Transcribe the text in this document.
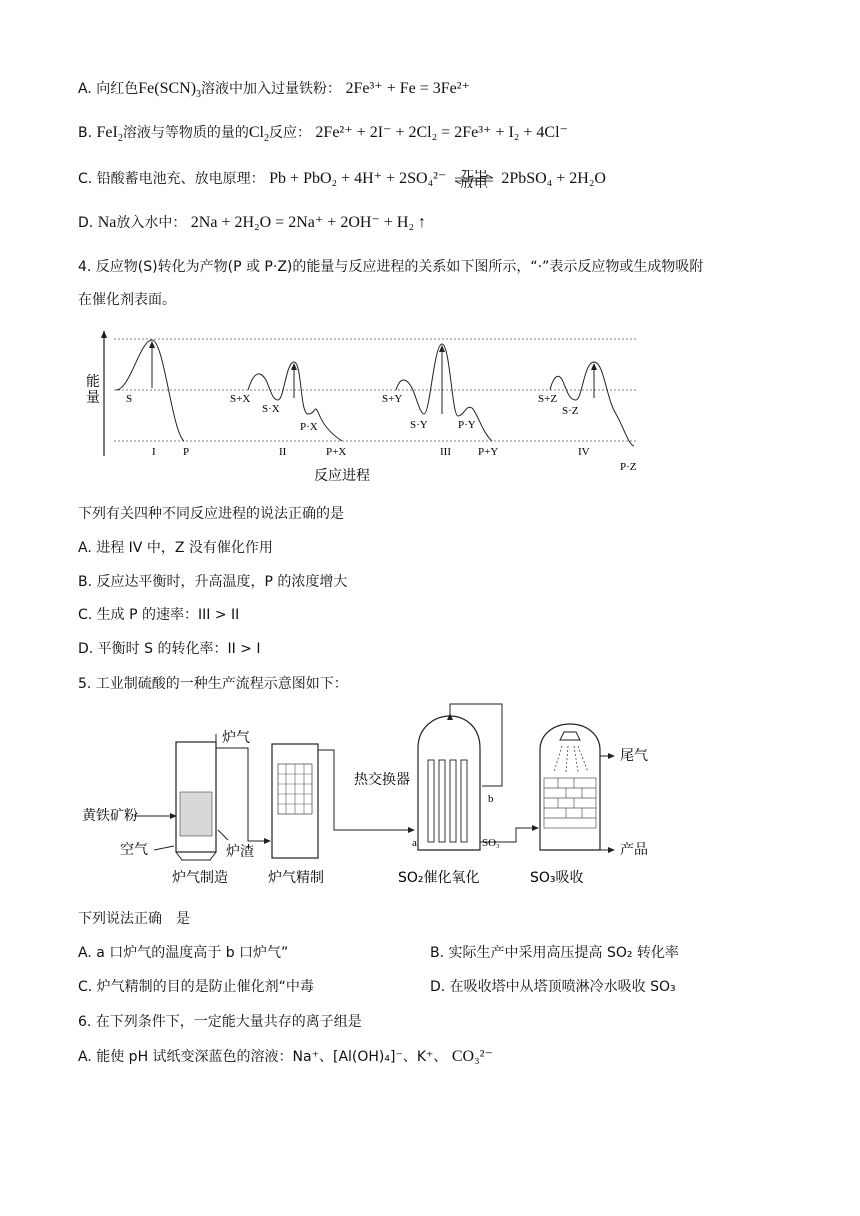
A. 向红色$Fe(SCN)_3$溶液中加入过量铁粉： 2Fe³⁺ + Fe = 3Fe²⁺
B. FeI$_2$溶液与等物质的量的$Cl_2$反应： 2Fe²⁺ + 2I⁻ + 2Cl₂ = 2Fe³⁺ + I₂ + 4Cl⁻
C. 铅酸蓄电池充、放电原理： Pb + PbO₂ + 4H⁺ + 2SO₄²⁻ 充电
放电 2PbSO₄ + 2H₂O
D. Na放入水中： 2Na + 2H₂O = 2Na⁺ + 2OH⁻ + H₂ ↑
4. 反应物(S)转化为产物(P 或 P·Z)的能量与反应进程的关系如下图所示，“·”表示反应物或生成物吸附
在催化剂表面。
能
量 S
I P
S+X
S·X
P·X
II	P+X
S+Y
S·Y	P·Y
III P+Y
S+Z
S·Z
IV
P·Z
反应进程
下列有关四种不同反应进程的说法正确的是
A. 进程 IV 中，Z 没有催化作用
B. 反应达平衡时，升高温度，P 的浓度增大
C. 生成 P 的速率：III > II
D. 平衡时 S 的转化率：II > I
5. 工业制硫酸的一种生产流程示意图如下：
炉气
黄铁矿粉
空气	炉渣
炉气制造	炉气精制
b
a
热交换器
SO₃
SO₂催化氧化
尾气
产品
SO₃吸收
下列说法正确　是
A. a 口炉气的温度高于 b 口炉气”	B. 实际生产中采用高压提高 SO₂ 转化率
C. 炉气精制的目的是防止催化剂“中毒	D. 在吸收塔中从塔顶喷淋冷水吸收 SO₃
6. 在下列条件下，一定能大量共存的离子组是
A. 能使 pH 试纸变深蓝色的溶液：Na⁺、[Al(OH)₄]⁻、K⁺、 CO₃²⁻
